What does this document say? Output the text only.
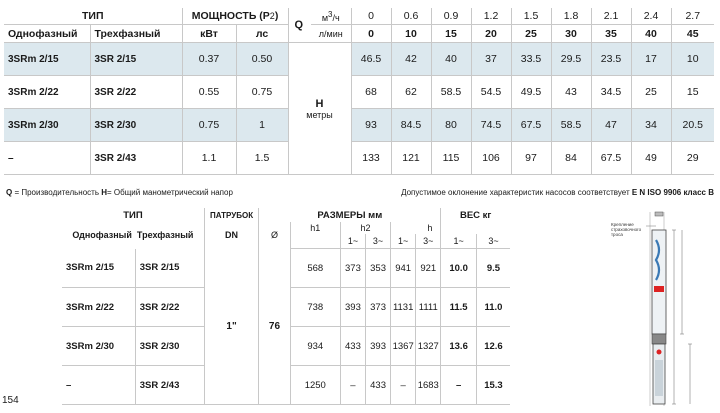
ТИП		МОЩНОСТЬ (P2)		Q	м3/ч	0	0.6	0.9	1.2	1.5	1.8	2.1	2.4	2.7
Однофазный	Трехфазный	кВт	лс		л/мин	0	10	15	20	25	30	35	40	45
3SRm 2/15	3SR 2/15	0.37	0.50	H
метры		46.5	42	40	37	33.5	29.5	23.5	17	10
3SRm 2/22	3SR 2/22	0.55	0.75			68	62	58.5	54.5	49.5	43	34.5	25	15
3SRm 2/30	3SR 2/30	0.75	1			93	84.5	80	74.5	67.5	58.5	47	34	20.5
–	3SR 2/43	1.1	1.5			133	121	115	106	97	84	67.5	49	29
Q = Производительность H= Общий манометрический напор	Допустимое оклонение характеристик насосов соответствует E N ISO 9906 класс B
ТИП		ПАТРУБОК	РАЗМЕРЫ мм						ВЕС кг	
Однофазный Трехфазный		DN	Ø	h1	h2		h			
					1~	3~	1~	3~	1~	3~
3SRm 2/15	3SR 2/15	1"	76	568	373	353	941	921	10.0	9.5
3SRm 2/22	3SR 2/22			738	393	373	1131	1111	11.5	11.0
3SRm 2/30	3SR 2/30			934	433	393	1367	1327	13.6	12.6
–	3SR 2/43			1250	–	433	–	1683	–	15.3
Крепление страховочного троса
154
